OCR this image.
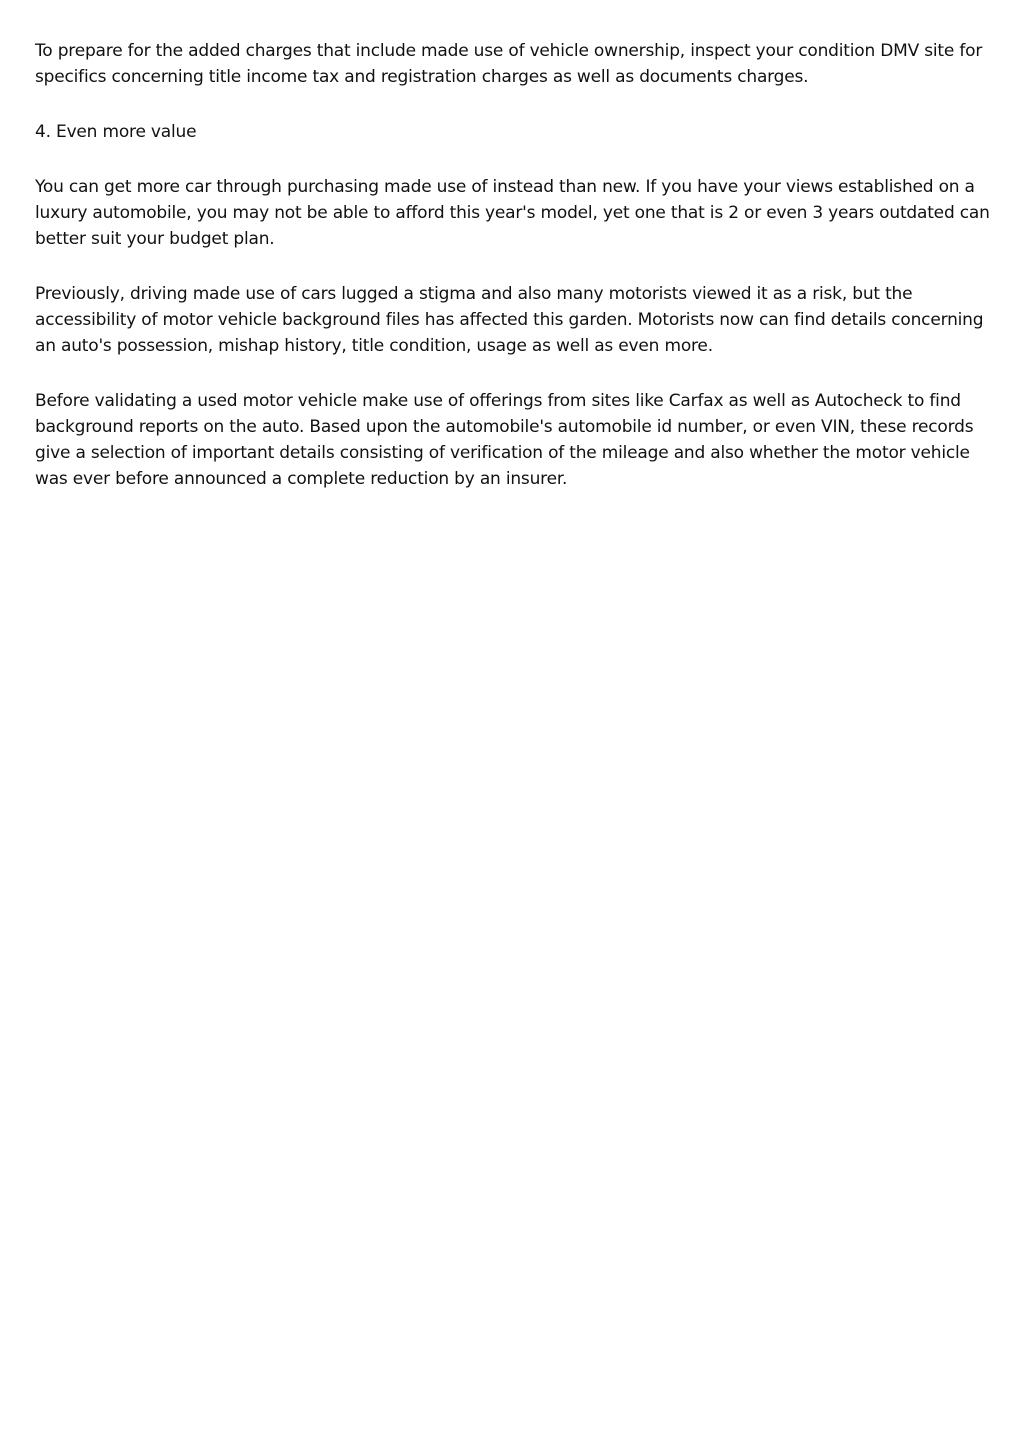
To prepare for the added charges that include made use of vehicle ownership, inspect your condition DMV site for specifics concerning title income tax and registration charges as well as documents charges.

4. Even more value

You can get more car through purchasing made use of instead than new. If you have your views established on a luxury automobile, you may not be able to afford this year's model, yet one that is 2 or even 3 years outdated can better suit your budget plan.

Previously, driving made use of cars lugged a stigma and also many motorists viewed it as a risk, but the accessibility of motor vehicle background files has affected this garden. Motorists now can find details concerning an auto's possession, mishap history, title condition, usage as well as even more.

Before validating a used motor vehicle make use of offerings from sites like Carfax as well as Autocheck to find background reports on the auto. Based upon the automobile's automobile id number, or even VIN, these records give a selection of important details consisting of verification of the mileage and also whether the motor vehicle was ever before announced a complete reduction by an insurer.
